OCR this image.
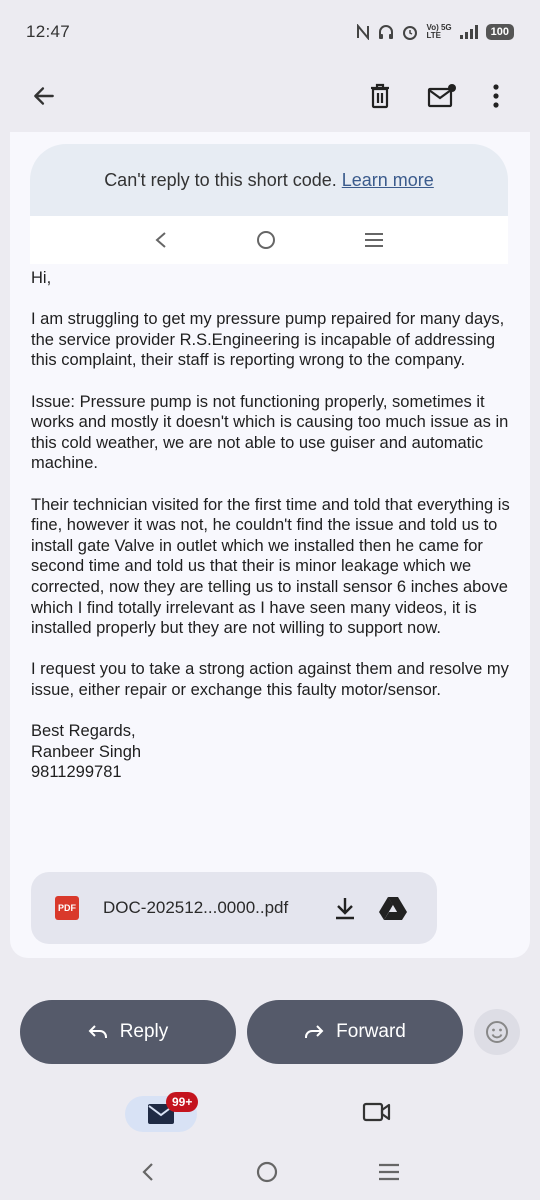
12:47	Vo) 5G
LTE	100
Can't reply to this short code. Learn more

Hi,

I am struggling to get my pressure pump repaired for many days, the service provider R.S.Engineering is incapable of addressing this complaint, their staff is reporting wrong to the company.

Issue: Pressure pump is not functioning properly, sometimes it works and mostly it doesn't which is causing too much issue as in this cold weather, we are not able to use guiser and automatic machine.

Their technician visited for the first time and told that everything is fine, however it was not, he couldn't find the issue and told us to install gate Valve in outlet which we installed then he came for second time and told us that their is minor leakage which we corrected, now they are telling us to install sensor 6 inches above which I find totally irrelevant as I have seen many videos, it is installed properly but they are not willing to support now.

I request you to take a strong action against them and resolve my issue, either repair or exchange this faulty motor/sensor.

Best Regards,

Ranbeer Singh

9811299781

PDF DOC-202512...0000..pdf
Reply	Forward
99+
